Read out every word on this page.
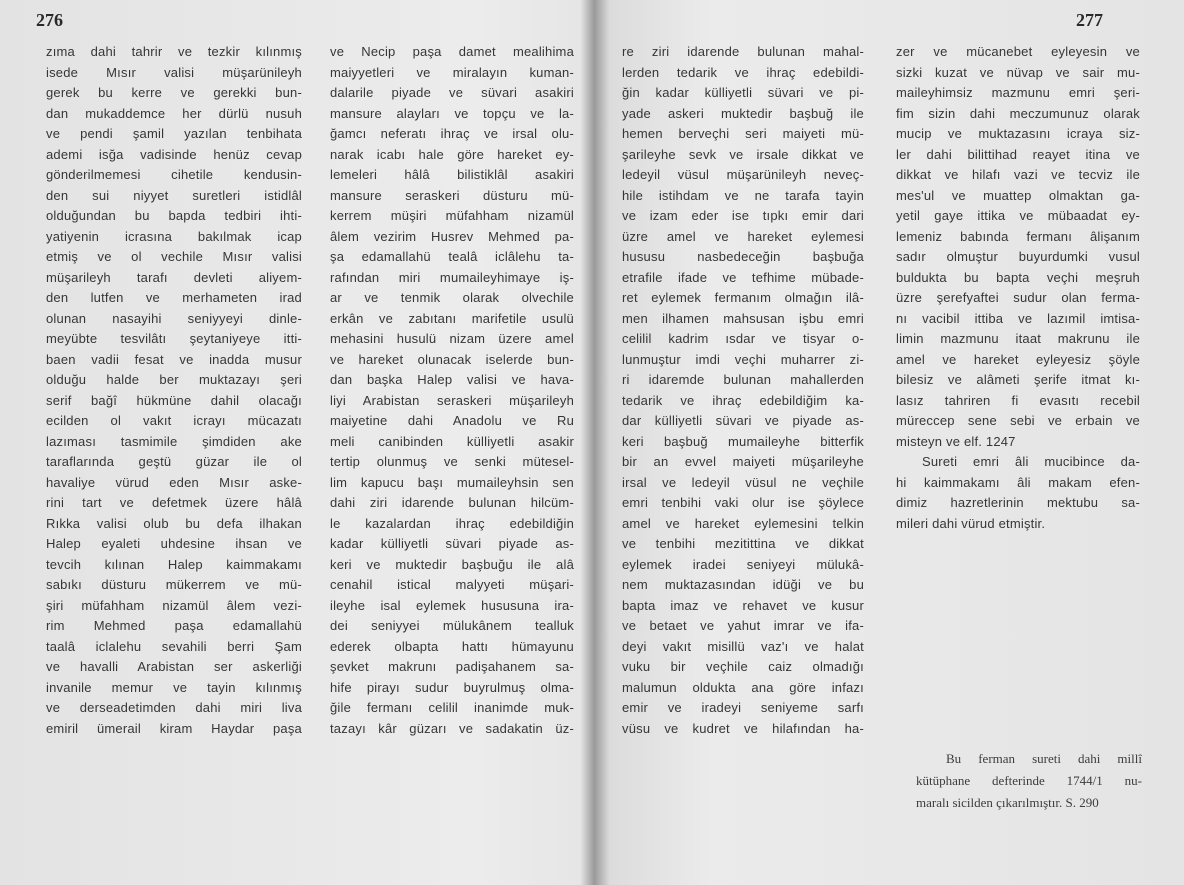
276
zıma dahi tahrir ve tezkir kılınmış
isede Mısır valisi müşarünileyh
gerek bu kerre ve gerekki bun-
dan mukaddemce her dürlü nusuh
ve pendi şamil yazılan tenbihata
ademi isğa vadisinde henüz cevap
gönderilmemesi cihetile kendusin-
den sui niyyet suretleri istidlâl
olduğundan bu bapda tedbiri ihti-
yatiyenin icrasına bakılmak icap
etmiş ve ol vechile Mısır valisi
müşarileyh tarafı devleti aliyem-
den lutfen ve merhameten irad
olunan nasayihi seniyyeyi dinle-
meyübte tesvilâtı şeytaniyeye itti-
baen vadii fesat ve inadda musur
olduğu halde ber muktazayı şeri
serif bağî hükmüne dahil olacağı
ecilden ol vakıt icrayı mücazatı
lazıması tasmimile şimdiden ake
taraflarında geştü güzar ile ol
havaliye vürud eden Mısır aske-
rini tart ve defetmek üzere hâlâ
Rıkka valisi olub bu defa ilhakan
Halep eyaleti uhdesine ihsan ve
tevcih kılınan Halep kaimmakamı
sabıkı düsturu mükerrem ve mü-
şiri müfahham nizamül âlem vezi-
rim Mehmed paşa edamallahü
taalâ iclalehu sevahili berri Şam
ve havalli Arabistan ser askerliği
invanile memur ve tayin kılınmış
ve derseadetimden dahi miri liva
emiril ümerail kiram Haydar paşa
ve Necip paşa damet mealihima
maiyyetleri ve miralayın kuman-
dalarile piyade ve süvari asakiri
mansure alayları ve topçu ve la-
ğamcı neferatı ihraç ve irsal olu-
narak icabı hale göre hareket ey-
lemeleri hâlâ bilistiklâl asakiri
mansure seraskeri düsturu mü-
kerrem müşiri müfahham nizamül
âlem vezirim Husrev Mehmed pa-
şa edamallahü tealâ iclâlehu ta-
rafından miri mumaileyhimaye iş-
ar ve tenmik olarak olvechile
erkân ve zabıtanı marifetile usulü
mehasini husulü nizam üzere amel
ve hareket olunacak iselerde bun-
dan başka Halep valisi ve hava-
liyi Arabistan seraskeri müşarileyh
maiyetine dahi Anadolu ve Ru
meli canibinden külliyetli asakir
tertip olunmuş ve senki mütesel-
lim kapucu başı mumaileyhsin sen
dahi ziri idarende bulunan hilcüm-
le kazalardan ihraç edebildiğin
kadar külliyetli süvari piyade as-
keri ve muktedir başbuğu ile alâ
cenahil istical malyyeti müşari-
ileyhe isal eylemek hususuna ira-
dei seniyyei mülukânem tealluk
ederek olbapta hattı hümayunu
şevket makrunı padişahanem sa-
hife pirayı sudur buyrulmuş olma-
ğile fermanı celilil inanimde muk-
tazayı kâr güzarı ve sadakatin üz-
277
re ziri idarende bulunan mahal-
lerden tedarik ve ihraç edebildi-
ğin kadar külliyetli süvari ve pi-
yade askeri muktedir başbuğ ile
hemen berveçhi seri maiyeti mü-
şarileyhe sevk ve irsale dikkat ve
ledeyil vüsul müşarünileyh neveç-
hile istihdam ve ne tarafa tayin
ve izam eder ise tıpkı emir dari
üzre amel ve hareket eylemesi
hususu nasbedeceğin başbuğa
etrafile ifade ve tefhime mübade-
ret eylemek fermanım olmağın ilâ-
men ilhamen mahsusan işbu emri
celilil kadrim ısdar ve tisyar o-
lunmuştur imdi veçhi muharrer zi-
ri idaremde bulunan mahallerden
tedarik ve ihraç edebildiğim ka-
dar külliyetli süvari ve piyade as-
keri başbuğ mumaileyhe bitterfik
bir an evvel maiyeti müşarileyhe
irsal ve ledeyil vüsul ne veçhile
emri tenbihi vaki olur ise şöylece
amel ve hareket eylemesini telkin
ve tenbihi mezitittina ve dikkat
eylemek iradei seniyeyi mülukâ-
nem muktazasından idüği ve bu
bapta imaz ve rehavet ve kusur
ve betaet ve yahut imrar ve ifa-
deyi vakıt misillü vaz'ı ve halat
vuku bir veçhile caiz olmadığı
malumun oldukta ana göre infazı
emir ve iradeyi seniyeme sarfı
vüsu ve kudret ve hilafından ha-
zer ve mücanebet eyleyesin ve
sizki kuzat ve nüvap ve sair mu-
maileyhimsiz mazmunu emri şeri-
fim sizin dahi meczumunuz olarak
mucip ve muktazasını icraya siz-
ler dahi bilittihad reayet itina ve
dikkat ve hilafı vazi ve tecviz ile
mes'ul ve muattep olmaktan ga-
yetil gaye ittika ve mübaadat ey-
lemeniz babında fermanı âlişanım
sadır olmuştur buyurdumki vusul
buldukta bu bapta veçhi meşruh
üzre şerefyaftei sudur olan ferma-
nı vacibil ittiba ve lazımil imtisa-
limin mazmunu itaat makrunu ile
amel ve hareket eyleyesiz şöyle
bilesiz ve alâmeti şerife itmat kı-
lasız tahriren fi evasıtı recebil
müreccep sene sebi ve erbain ve
misteyn ve elf. 1247
Sureti emri âli mucibince da-
hi kaimmakamı âli makam efen-
dimiz hazretlerinin mektubu sa-
mileri dahi vürud etmiştir.
Bu ferman sureti dahi millî
kütüphane defterinde 1744/1 nu-
maralı sicilden çıkarılmıştır. S. 290
